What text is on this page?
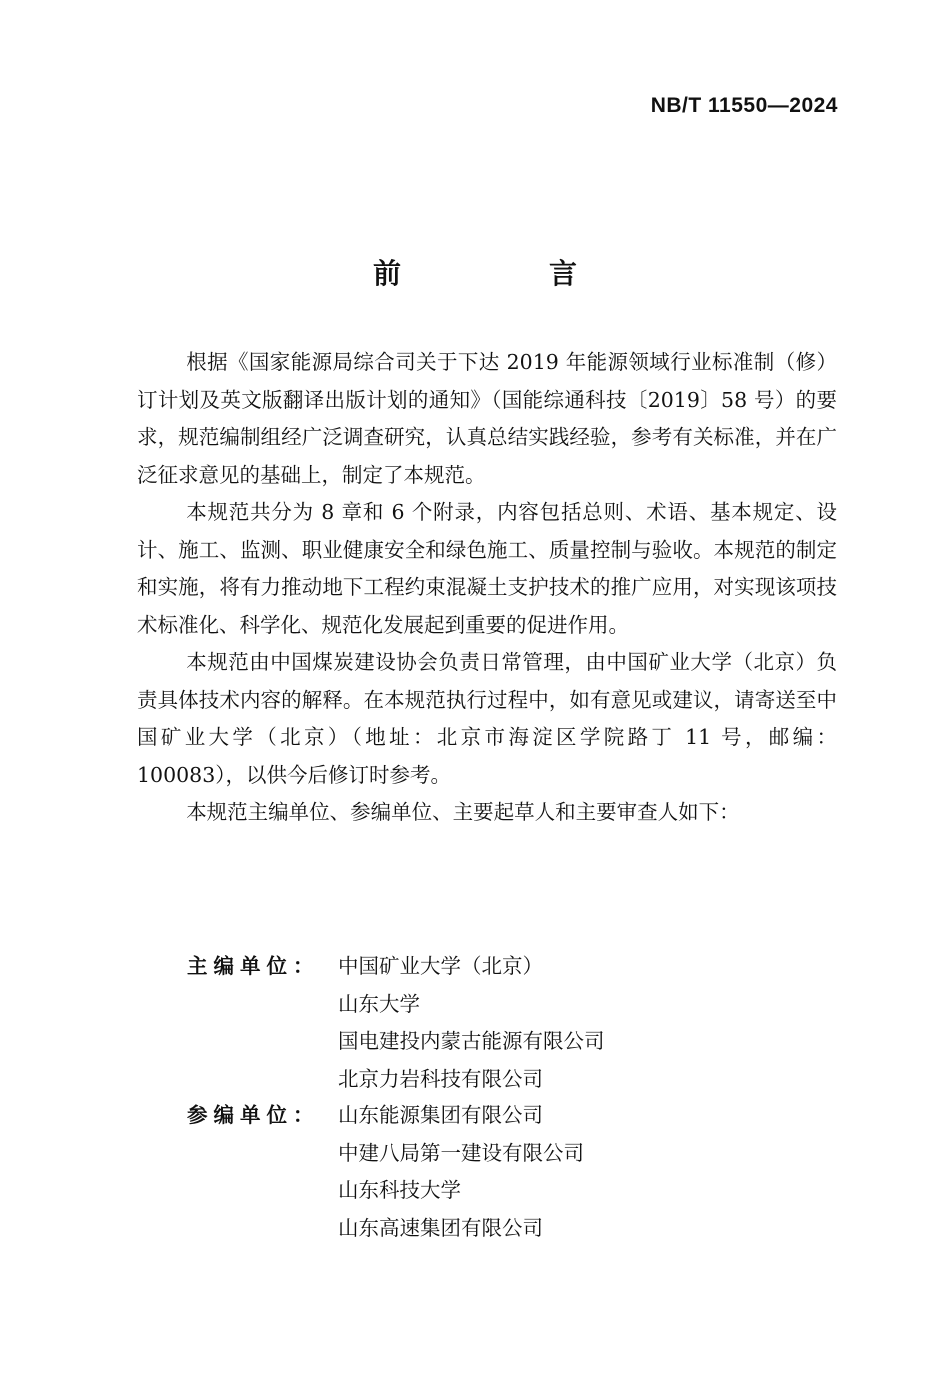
NB/T 11550—2024
前　言

根据《国家能源局综合司关于下达 2019 年能源领域行业标准制（修）订计划及英文版翻译出版计划的通知》（国能综通科技〔2019〕58 号）的要求，规范编制组经广泛调查研究，认真总结实践经验，参考有关标准，并在广泛征求意见的基础上，制定了本规范。

本规范共分为 8 章和 6 个附录，内容包括总则、术语、基本规定、设计、施工、监测、职业健康安全和绿色施工、质量控制与验收。本规范的制定和实施，将有力推动地下工程约束混凝土支护技术的推广应用，对实现该项技术标准化、科学化、规范化发展起到重要的促进作用。

本规范由中国煤炭建设协会负责日常管理，由中国矿业大学（北京）负责具体技术内容的解释。在本规范执行过程中，如有意见或建议，请寄送至中国矿业大学（北京）（地址：北京市海淀区学院路丁 11 号，邮编：100083），以供今后修订时参考。

本规范主编单位、参编单位、主要起草人和主要审查人如下：

主编单位： 中国矿业大学（北京）
山东大学
国电建投内蒙古能源有限公司
北京力岩科技有限公司
参编单位： 山东能源集团有限公司
中建八局第一建设有限公司
山东科技大学
山东高速集团有限公司
